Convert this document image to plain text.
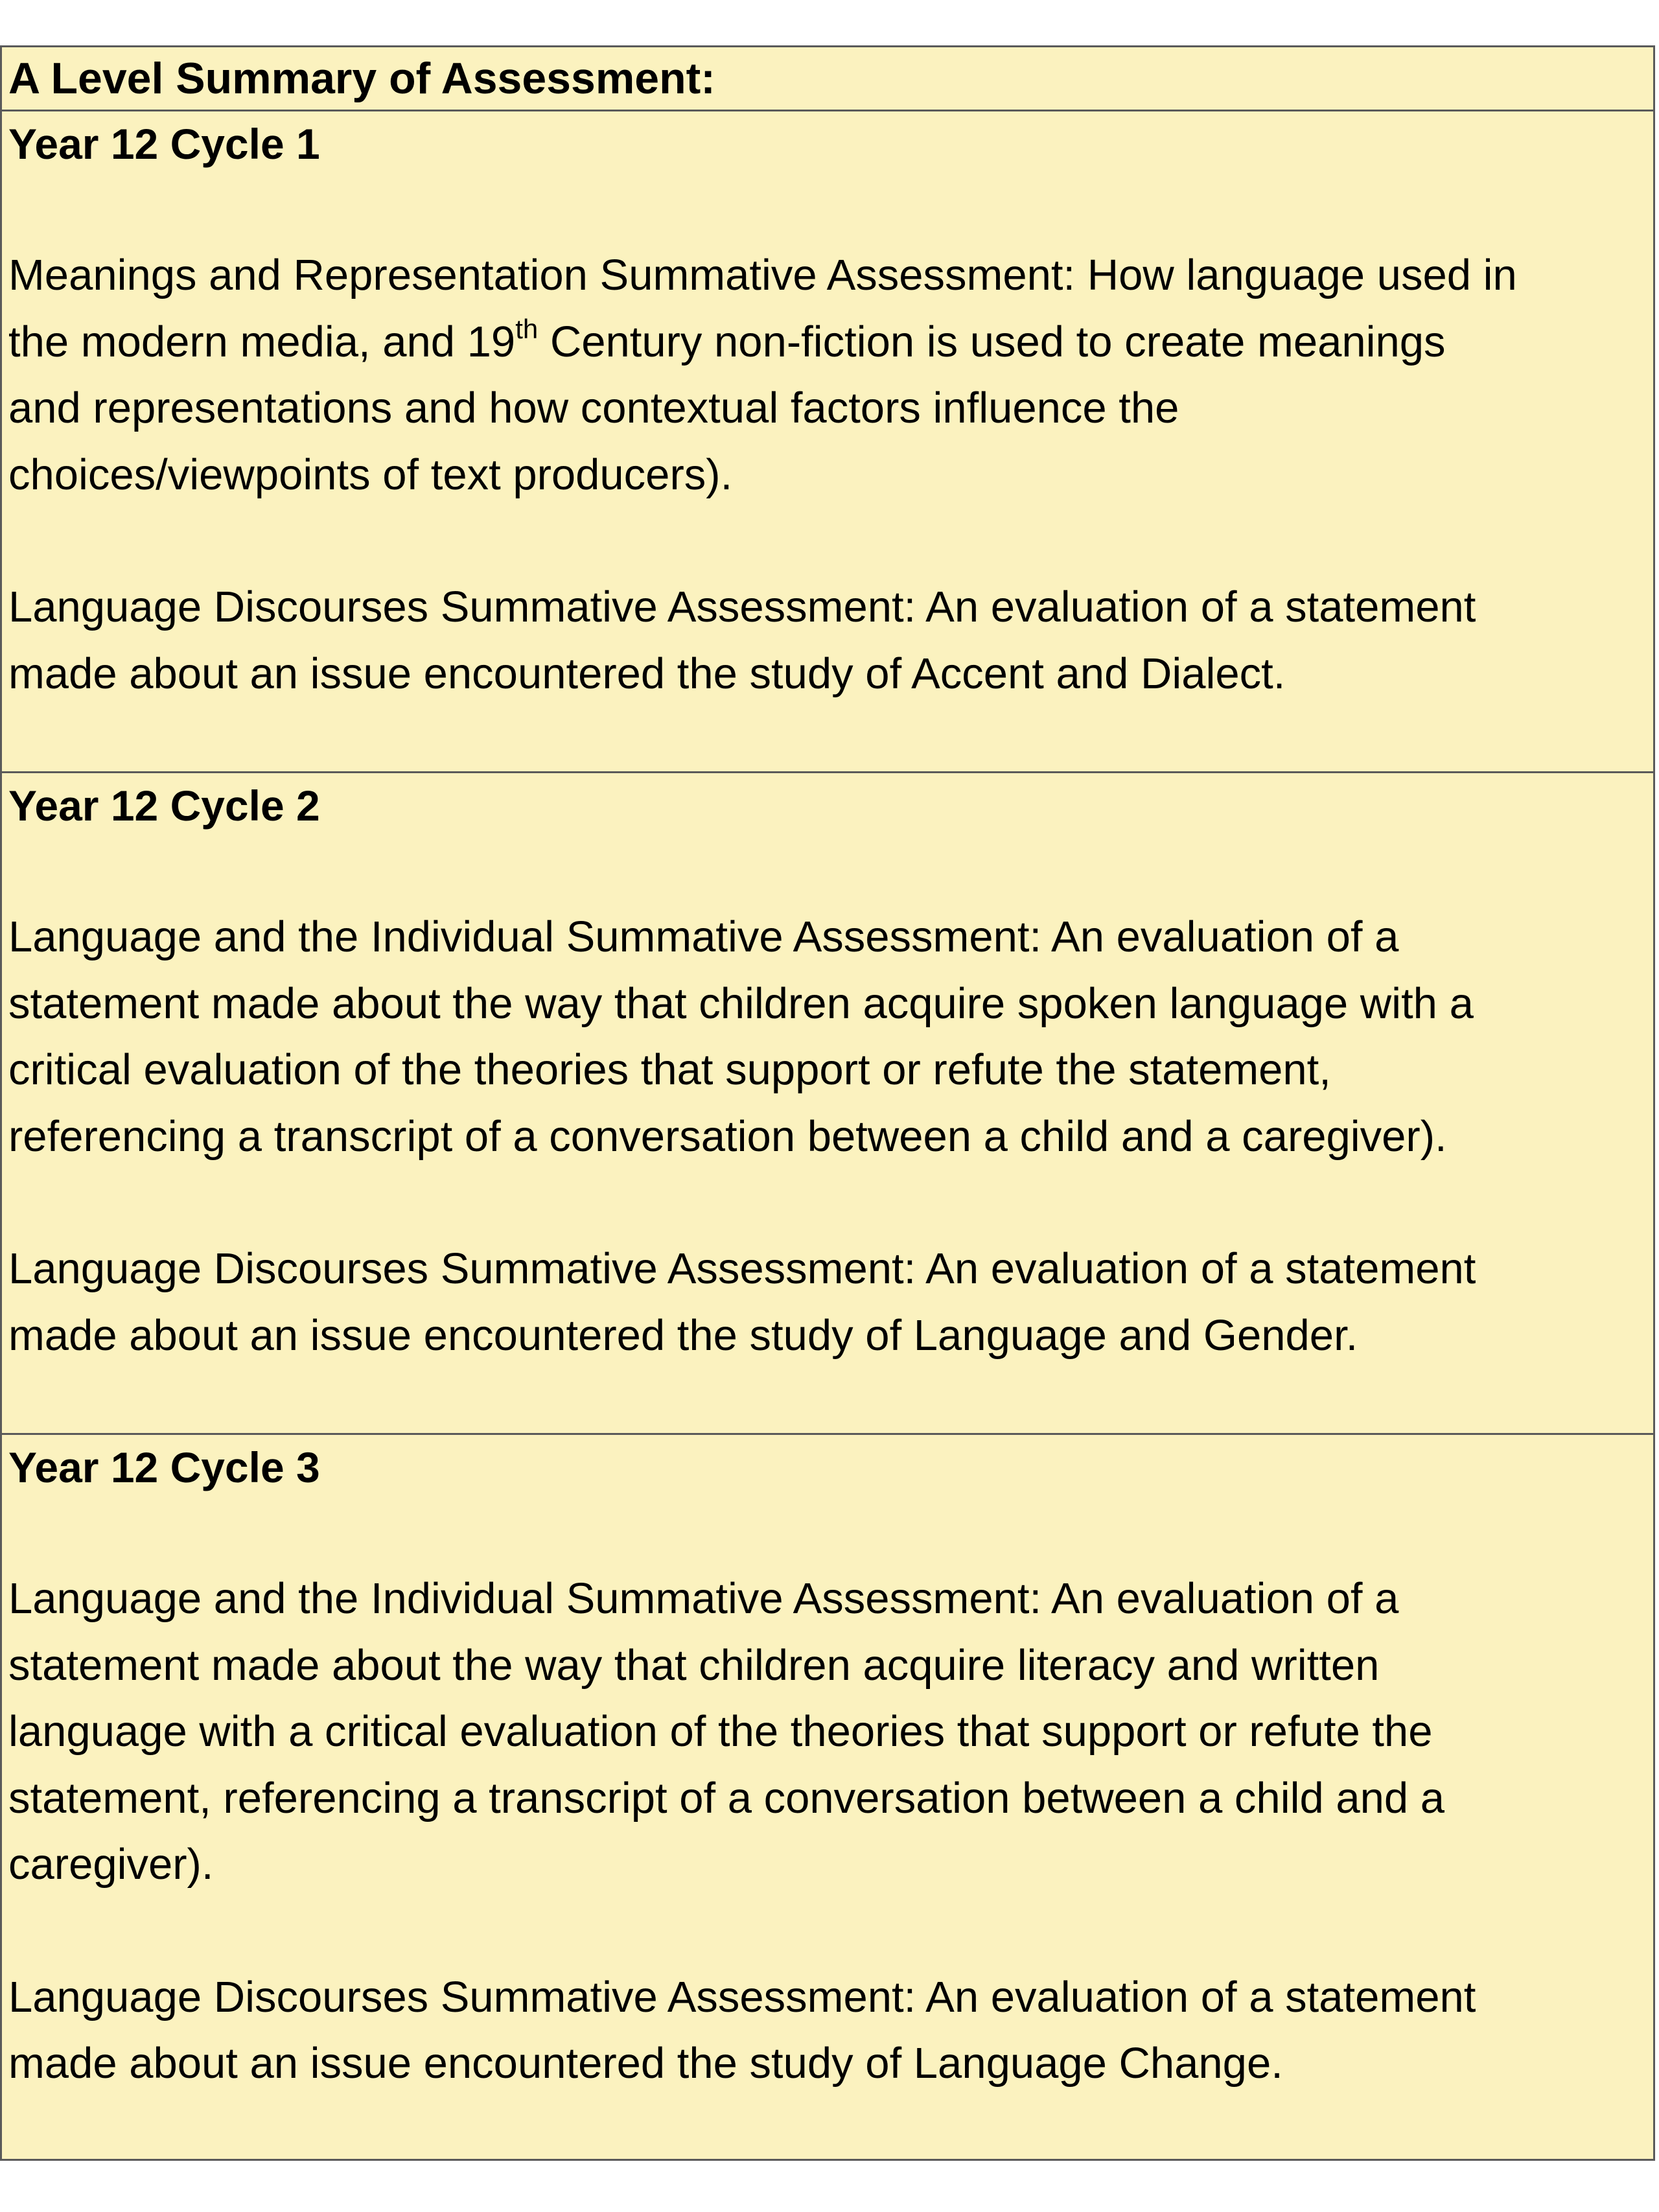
A Level Summary of Assessment:

Year 12 Cycle 1

Meanings and Representation Summative Assessment: How language used in
the modern media, and 19th Century non-fiction is used to create meanings
and representations and how contextual factors influence the
choices/viewpoints of text producers).

Language Discourses Summative Assessment: An evaluation of a statement
made about an issue encountered the study of Accent and Dialect.

Year 12 Cycle 2

Language and the Individual Summative Assessment: An evaluation of a
statement made about the way that children acquire spoken language with a
critical evaluation of the theories that support or refute the statement,
referencing a transcript of a conversation between a child and a caregiver).

Language Discourses Summative Assessment: An evaluation of a statement
made about an issue encountered the study of Language and Gender.

Year 12 Cycle 3

Language and the Individual Summative Assessment: An evaluation of a
statement made about the way that children acquire literacy and written
language with a critical evaluation of the theories that support or refute the
statement, referencing a transcript of a conversation between a child and a
caregiver).

Language Discourses Summative Assessment: An evaluation of a statement
made about an issue encountered the study of Language Change.
